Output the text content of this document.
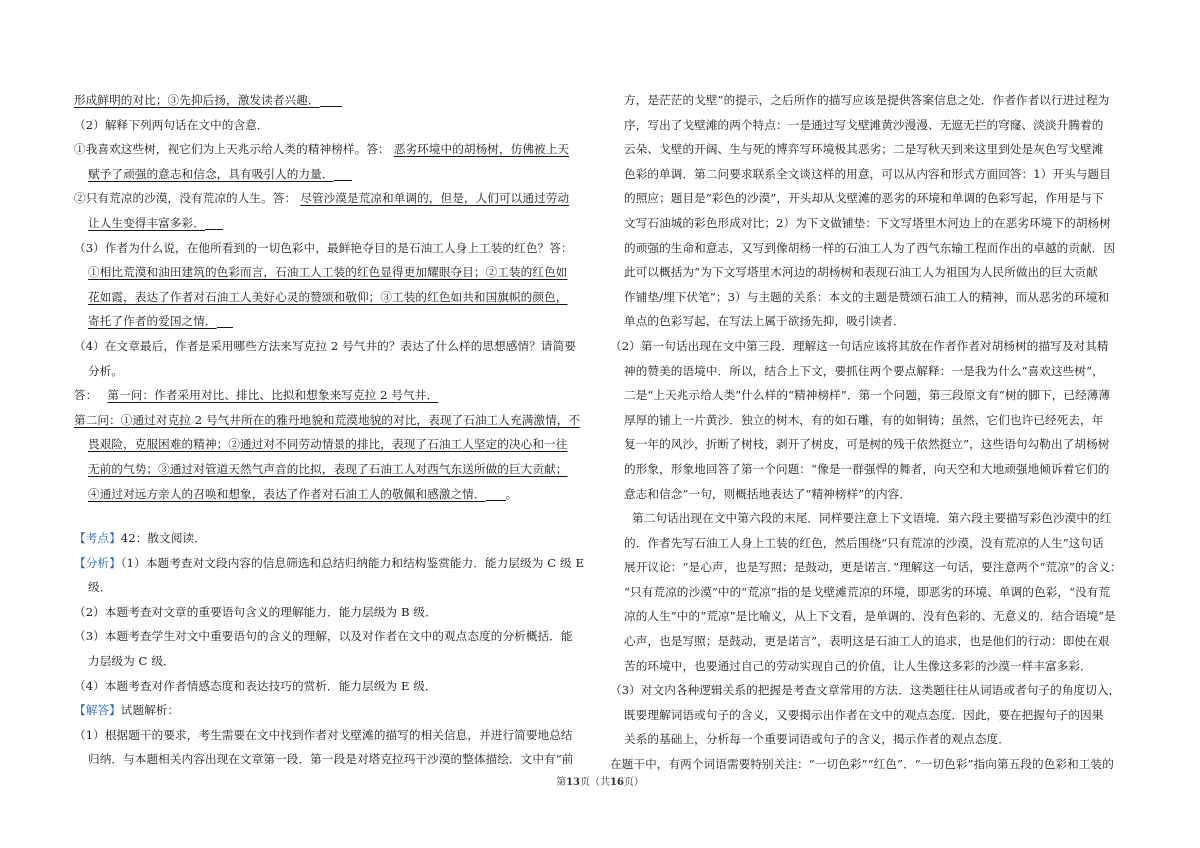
形成鲜明的对比；③先抑后扬，激发读者兴趣．

（2）解释下列两句话在文中的含意．

①我喜欢这些树，视它们为上天兆示给人类的精神榜样。答： 恶劣环境中的胡杨树，仿佛被上天

赋予了顽强的意志和信念，具有吸引人的力量．

②只有荒凉的沙漠，没有荒凉的人生。答： 尽管沙漠是荒凉和单调的，但是，人们可以通过劳动

让人生变得丰富多彩．

（3）作者为什么说，在他所看到的一切色彩中，最鲜艳夺目的是石油工人身上工装的红色？答：

①相比荒漠和油田建筑的色彩而言，石油工人工装的红色显得更加耀眼夺目；②工装的红色如

花如霞，表达了作者对石油工人美好心灵的赞颂和敬仰；③工装的红色如共和国旗帜的颜色，

寄托了作者的爱国之情．

（4）在文章最后，作者是采用哪些方法来写克拉 2 号气井的？表达了什么样的思想感情？请简要

分析。

答： 第一问：作者采用对比、排比、比拟和想象来写克拉 2 号气井．

第二问：①通过对克拉 2 号气井所在的雅丹地貌和荒漠地貌的对比，表现了石油工人充满激情，不

畏艰险，克服困难的精神；②通过对不同劳动情景的排比，表现了石油工人坚定的决心和一往

无前的气势；③通过对管道天然气声音的比拟，表现了石油工人对西气东送所做的巨大贡献；

④通过对远方亲人的召唤和想象，表达了作者对石油工人的敬佩和感激之情． 。

【考点】42：散文阅读．

【分析】（1）本题考查对文段内容的信息筛选和总结归纳能力和结构鉴赏能力．能力层级为 C 级 E

级．

（2）本题考查对文章的重要语句含义的理解能力．能力层级为 B 级．

（3）本题考查学生对文中重要语句的含义的理解，以及对作者在文中的观点态度的分析概括．能

力层级为 C 级．

（4）本题考查对作者情感态度和表达技巧的赏析．能力层级为 E 级．

【解答】试题解析：

（1）根据题干的要求，考生需要在文中找到作者对戈壁滩的描写的相关信息，并进行简要地总结

归纳．与本题相关内容出现在文章第一段．第一段是对塔克拉玛干沙漠的整体描绘．文中有“前

方，是茫茫的戈壁”的提示，之后所作的描写应该是提供答案信息之处．作者作者以行进过程为

序，写出了戈壁滩的两个特点：一是通过写戈壁滩黄沙漫漫、无遮无拦的穹窿、淡淡升腾着的

云朵、戈壁的开阔、生与死的博弈写环境极其恶劣；二是写秋天到来这里到处是灰色写戈壁滩

色彩的单调．第二问要求联系全文谈这样的用意，可以从内容和形式方面回答：1）开头与题目

的照应；题目是“彩色的沙漠”，开头却从戈壁滩的恶劣的环境和单调的色彩写起，作用是与下

文写石油城的彩色形成对比；2）为下文做铺垫：下文写塔里木河边上的在恶劣环境下的胡杨树

的顽强的生命和意志，又写到像胡杨一样的石油工人为了西气东输工程而作出的卓越的贡献．因

此可以概括为“为下文写塔里木河边的胡杨树和表现石油工人为祖国为人民所做出的巨大贡献

作铺垫/埋下伏笔”；3）与主题的关系：本文的主题是赞颂石油工人的精神，而从恶劣的环境和

单点的色彩写起，在写法上属于欲扬先抑，吸引读者．

（2）第一句话出现在文中第三段．理解这一句话应该将其放在作者作者对胡杨树的描写及对其精

神的赞美的语境中．所以，结合上下文，要抓住两个要点解释：一是我为什么“喜欢这些树”，

二是“上天兆示给人类”什么样的“精神榜样”．第一个问题，第三段原文有“树的脚下，已经薄薄

厚厚的铺上一片黄沙．独立的树木，有的如石雕，有的如铜铸；虽然，它们也许已经死去，年

复一年的风沙，折断了树枝，剥开了树皮，可是树的残干依然挺立”，这些语句勾勒出了胡杨树

的形象，形象地回答了第一个问题：“像是一群强悍的舞者，向天空和大地顽强地倾诉着它们的

意志和信念”一句，则概括地表达了“精神榜样”的内容．

第二句话出现在文中第六段的末尾．同样要注意上下文语境．第六段主要描写彩色沙漠中的红

的．作者先写石油工人身上工装的红色，然后围绕“只有荒凉的沙漠，没有荒凉的人生”这句话

展开议论：“是心声，也是写照；是鼓动，更是诺言．”理解这一句话，要注意两个“荒凉”的含义：

“只有荒凉的沙漠”中的“荒凉”指的是戈壁滩荒凉的环境，即恶劣的环境、单调的色彩，“没有荒

凉的人生”中的“荒凉”是比喻义，从上下文看，是单调的、没有色彩的、无意义的．结合语境“是

心声，也是写照；是鼓动，更是诺言”，表明这是石油工人的追求，也是他们的行动：即使在艰

苦的环境中，也要通过自己的劳动实现自己的价值，让人生像这多彩的沙漠一样丰富多彩．

（3）对文内各种逻辑关系的把握是考查文章常用的方法．这类题往往从词语或者句子的角度切入，

既要理解词语或句子的含义，又要揭示出作者在文中的观点态度．因此，要在把握句子的因果

关系的基础上，分析每一个重要词语或句子的含义，揭示作者的观点态度．

在题干中，有两个词语需要特别关注：“一切色彩”“红色”．“一切色彩”指向第五段的色彩和工装的

第13页（共16页）
